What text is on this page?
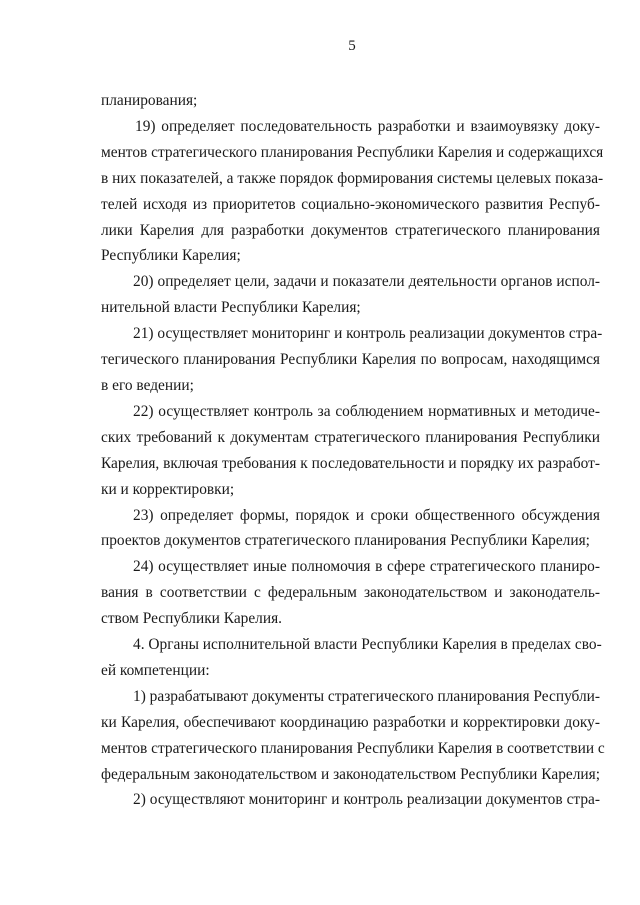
5

планирования;

19) определяет последовательность разработки и взаимоувязку доку-
ментов стратегического планирования Республики Карелия и содержащихся
в них показателей, а также порядок формирования системы целевых показа-
телей исходя из приоритетов социально-экономического развития Респуб-
лики Карелия для разработки документов стратегического планирования
Республики Карелия;

20) определяет цели, задачи и показатели деятельности органов испол-
нительной власти Республики Карелия;

21) осуществляет мониторинг и контроль реализации документов стра-
тегического планирования Республики Карелия по вопросам, находящимся
в его ведении;

22) осуществляет контроль за соблюдением нормативных и методиче-
ских требований к документам стратегического планирования Республики
Карелия, включая требования к последовательности и порядку их разработ-
ки и корректировки;

23) определяет формы, порядок и сроки общественного обсуждения
проектов документов стратегического планирования Республики Карелия;

24) осуществляет иные полномочия в сфере стратегического планиро-
вания в соответствии с федеральным законодательством и законодатель-
ством Республики Карелия.

4. Органы исполнительной власти Республики Карелия в пределах сво-
ей компетенции:

1) разрабатывают документы стратегического планирования Республи-
ки Карелия, обеспечивают координацию разработки и корректировки доку-
ментов стратегического планирования Республики Карелия в соответствии с
федеральным законодательством и законодательством Республики Карелия;

2) осуществляют мониторинг и контроль реализации документов стра-
